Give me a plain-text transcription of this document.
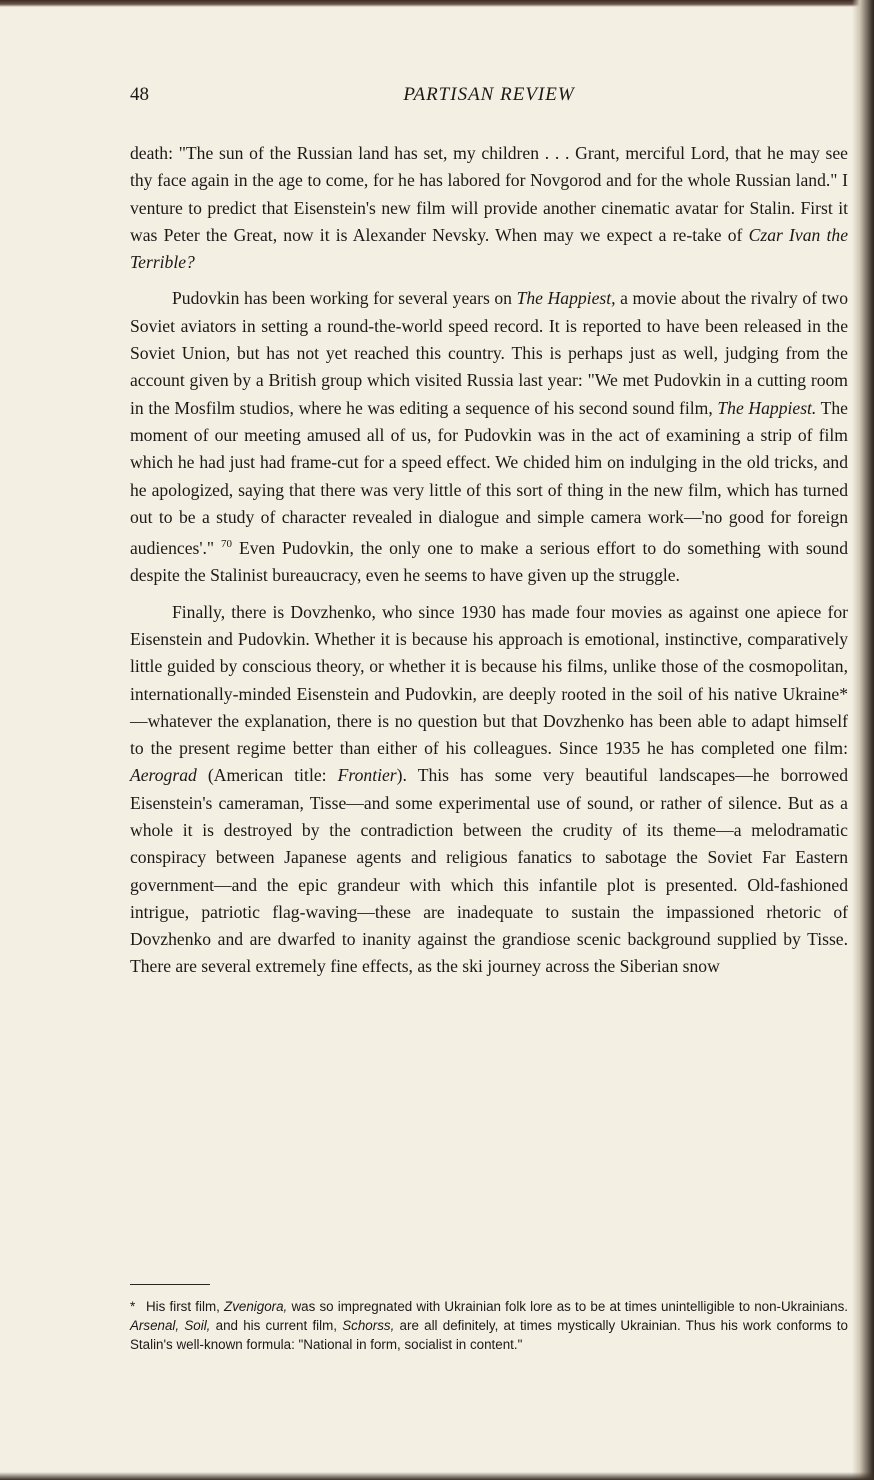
48	PARTISAN REVIEW

death: "The sun of the Russian land has set, my children . . . Grant, merciful Lord, that he may see thy face again in the age to come, for he has labored for Novgorod and for the whole Russian land." I venture to predict that Eisenstein's new film will provide another cinematic avatar for Stalin. First it was Peter the Great, now it is Alexander Nevsky. When may we expect a re-take of Czar Ivan the Terrible?

Pudovkin has been working for several years on The Happiest, a movie about the rivalry of two Soviet aviators in setting a round-the-world speed record. It is reported to have been released in the Soviet Union, but has not yet reached this country. This is perhaps just as well, judging from the account given by a British group which visited Russia last year: "We met Pudovkin in a cutting room in the Mosfilm studios, where he was editing a sequence of his second sound film, The Happiest. The moment of our meeting amused all of us, for Pudovkin was in the act of examining a strip of film which he had just had frame-cut for a speed effect. We chided him on indulging in the old tricks, and he apologized, saying that there was very little of this sort of thing in the new film, which has turned out to be a study of character revealed in dialogue and simple camera work—'no good for foreign audiences'." $^{70}$ Even Pudovkin, the only one to make a serious effort to do something with sound despite the Stalinist bureaucracy, even he seems to have given up the struggle.

Finally, there is Dovzhenko, who since 1930 has made four movies as against one apiece for Eisenstein and Pudovkin. Whether it is because his approach is emotional, instinctive, comparatively little guided by conscious theory, or whether it is because his films, unlike those of the cosmopolitan, internationally-minded Eisenstein and Pudovkin, are deeply rooted in the soil of his native Ukraine*—whatever the explanation, there is no question but that Dovzhenko has been able to adapt himself to the present regime better than either of his colleagues. Since 1935 he has completed one film: Aerograd (American title: Frontier). This has some very beautiful landscapes—he borrowed Eisenstein's cameraman, Tisse—and some experimental use of sound, or rather of silence. But as a whole it is destroyed by the contradiction between the crudity of its theme—a melodramatic conspiracy between Japanese agents and religious fanatics to sabotage the Soviet Far Eastern government—and the epic grandeur with which this infantile plot is presented. Old-fashioned intrigue, patriotic flag-waving—these are inadequate to sustain the impassioned rhetoric of Dovzhenko and are dwarfed to inanity against the grandiose scenic background supplied by Tisse. There are several extremely fine effects, as the ski journey across the Siberian snow

* His first film, Zvenigora, was so impregnated with Ukrainian folk lore as to be at times unintelligible to non-Ukrainians. Arsenal, Soil, and his current film, Schorss, are all definitely, at times mystically Ukrainian. Thus his work conforms to Stalin's well-known formula: "National in form, socialist in content."
